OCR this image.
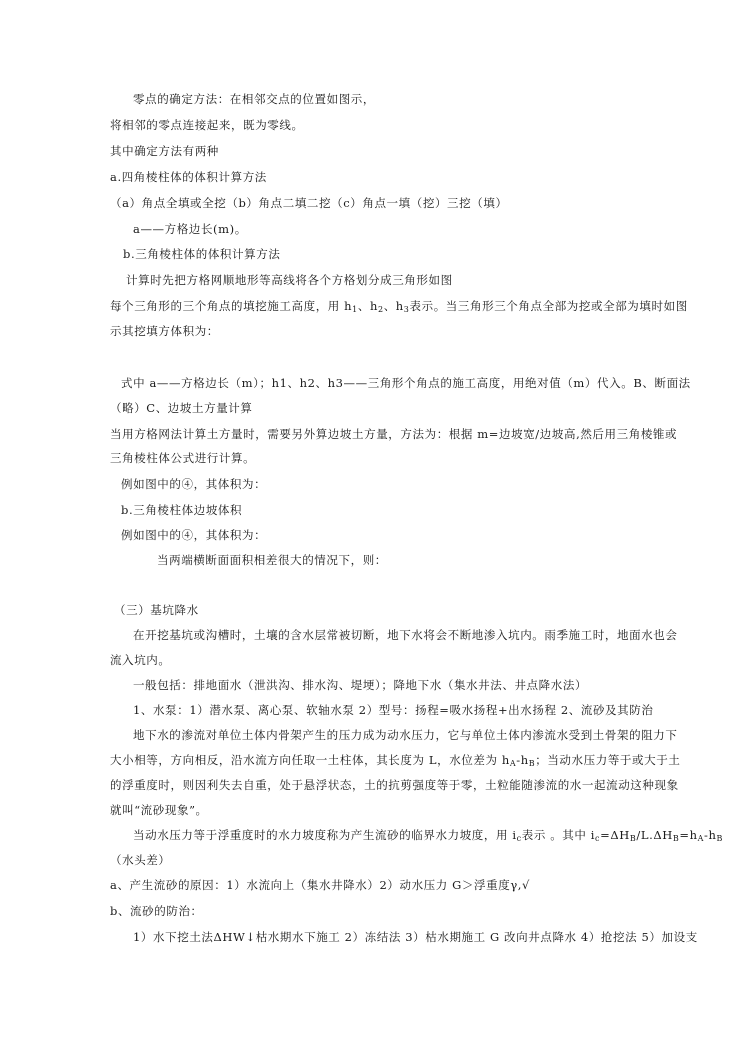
零点的确定方法：在相邻交点的位置如图示，
将相邻的零点连接起来，既为零线。
其中确定方法有两种
a.四角棱柱体的体积计算方法
（a）角点全填或全挖（b）角点二填二挖（c）角点一填（挖）三挖（填）
a——方格边长(m)。
b.三角棱柱体的体积计算方法
计算时先把方格网顺地形等高线将各个方格划分成三角形如图
每个三角形的三个角点的填挖施工高度，用 $h_1$、$h_2$、$h_3$表示。当三角形三个角点全部为挖或全部为填时如图
示其挖填方体积为：
式中 a——方格边长（m）；h1、h2、h3——三角形个角点的施工高度，用绝对值（m）代入。B、断面法
（略）C、边坡土方量计算
当用方格网法计算土方量时，需要另外算边坡土方量，方法为：根据 m=边坡宽/边坡高,然后用三角棱锥或
三角棱柱体公式进行计算。
例如图中的④，其体积为：
b.三角棱柱体边坡体积
例如图中的④，其体积为：
当两端横断面面积相差很大的情况下，则：
（三）基坑降水
在开挖基坑或沟槽时，土壤的含水层常被切断，地下水将会不断地渗入坑内。雨季施工时，地面水也会
流入坑内。
一般包括：排地面水（泄洪沟、排水沟、堤埂）；降地下水（集水井法、井点降水法）
1、水泵：1）潜水泵、离心泵、软轴水泵 2）型号：扬程=吸水扬程+出水扬程 2、流砂及其防治
地下水的渗流对单位土体内骨架产生的压力成为动水压力，它与单位土体内渗流水受到土骨架的阻力下
大小相等，方向相反，沿水流方向任取一土柱体，其长度为 L，水位差为 $h_A-h_B$；当动水压力等于或大于土
的浮重度时，则因利失去自重，处于悬浮状态，土的抗剪强度等于零，土粒能随渗流的水一起流动这种现象
就叫“流砂现象”。
当动水压力等于浮重度时的水力坡度称为产生流砂的临界水力坡度，用 $i_c$表示 。其中 $i_c=\Delta H_B/L.\Delta H_B=h_A-h_B$
（水头差）
a、产生流砂的原因：1）水流向上（集水井降水）2）动水压力 G＞浮重度γ,√
b、流砂的防治：
1）水下挖土法ΔHW↓枯水期水下施工 2）冻结法 3）枯水期施工 G 改向井点降水 4）抢挖法 5）加设支
